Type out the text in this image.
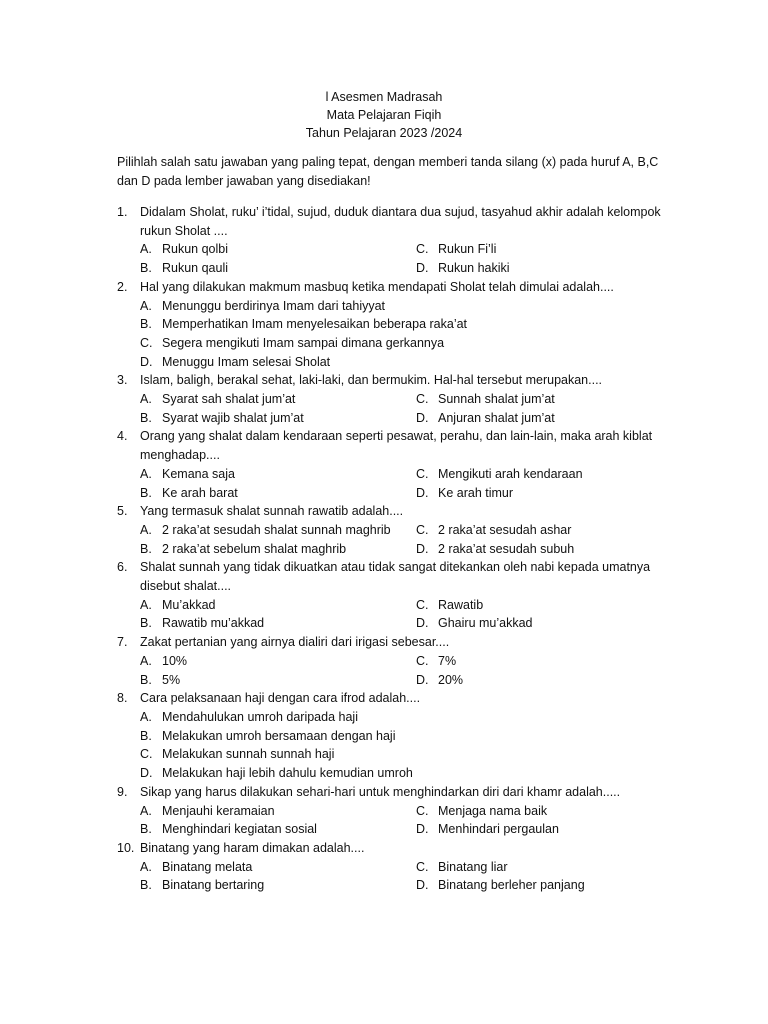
l Asesmen Madrasah
Mata Pelajaran Fiqih
Tahun Pelajaran 2023 /2024
Pilihlah salah satu jawaban yang paling tepat, dengan memberi tanda silang (x) pada huruf A, B,C dan D pada lember jawaban yang disediakan!
1.	Didalam Sholat, ruku’ i’tidal, sujud, duduk diantara dua sujud, tasyahud akhir adalah kelompok rukun Sholat ....
A. Rukun qolbi	C. Rukun Fi’li
B. Rukun qauli	D. Rukun hakiki
2.	Hal yang dilakukan makmum masbuq ketika mendapati Sholat telah dimulai adalah....
A. Menunggu berdirinya Imam dari tahiyyat
B. Memperhatikan Imam menyelesaikan beberapa raka’at
C. Segera mengikuti Imam sampai dimana gerkannya
D. Menuggu Imam selesai Sholat
3.	Islam, baligh, berakal sehat, laki-laki, dan bermukim. Hal-hal tersebut merupakan....
A. Syarat sah shalat jum’at	C. Sunnah shalat jum’at
B. Syarat wajib shalat jum’at	D. Anjuran shalat jum’at
4.	Orang yang shalat dalam kendaraan seperti pesawat, perahu, dan lain-lain, maka arah kiblat menghadap....
A. Kemana saja	C. Mengikuti arah kendaraan
B. Ke arah barat	D. Ke arah timur
5.	Yang termasuk shalat sunnah rawatib adalah....
A. 2 raka’at sesudah shalat sunnah maghrib C. 2 raka’at sesudah ashar
B. 2 raka’at sebelum shalat maghrib	D. 2 raka’at sesudah subuh
6.	Shalat sunnah yang tidak dikuatkan atau tidak sangat ditekankan oleh nabi kepada umatnya disebut shalat....
A. Mu’akkad	C. Rawatib
B. Rawatib mu’akkad	D. Ghairu mu’akkad
7.	Zakat pertanian yang airnya dialiri dari irigasi sebesar....
A. 10%	C. 7%
B. 5%	D. 20%
8.	Cara pelaksanaan haji dengan cara ifrod adalah....
A. Mendahulukan umroh daripada haji
B. Melakukan umroh bersamaan dengan haji
C. Melakukan sunnah sunnah haji
D. Melakukan haji lebih dahulu kemudian umroh
9.	Sikap yang harus dilakukan sehari-hari untuk menghindarkan diri dari khamr adalah.....
A. Menjauhi keramaian	C. Menjaga nama baik
B. Menghindari kegiatan sosial	D. Menhindari pergaulan
10. Binatang yang haram dimakan adalah....
A. Binatang melata	C. Binatang liar
B. Binatang bertaring	D. Binatang berleher panjang
